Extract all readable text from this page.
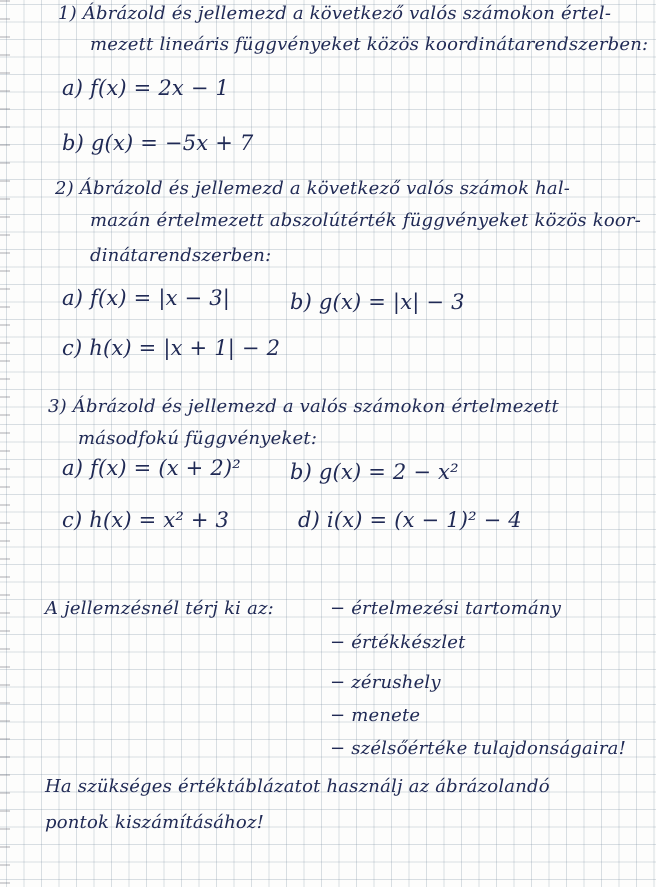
1) Ábrázold és jellemezd a következő valós számokon értel-
mezett lineáris függvényeket közös koordinátarendszerben:
a) f(x) = 2x − 1
b) g(x) = −5x + 7
2) Ábrázold és jellemezd a következő valós számok hal-
mazán értelmezett abszolútérték függvényeket közös koor-
dinátarendszerben:
a) f(x) = |x − 3|	b) g(x) = |x| − 3
c) h(x) = |x + 1| − 2
3) Ábrázold és jellemezd a valós számokon értelmezett
másodfokú függvényeket:
a) f(x) = (x + 2)² b) g(x) = 2 − x²
c) h(x) = x² + 3	d) i(x) = (x − 1)² − 4
A jellemzésnél térj ki az:	− értelmezési tartomány
− értékkészlet
− zérushely
− menete
− szélsőértéke tulajdonságaira!
Ha szükséges értéktáblázatot használj az ábrázolandó
pontok kiszámításához!
